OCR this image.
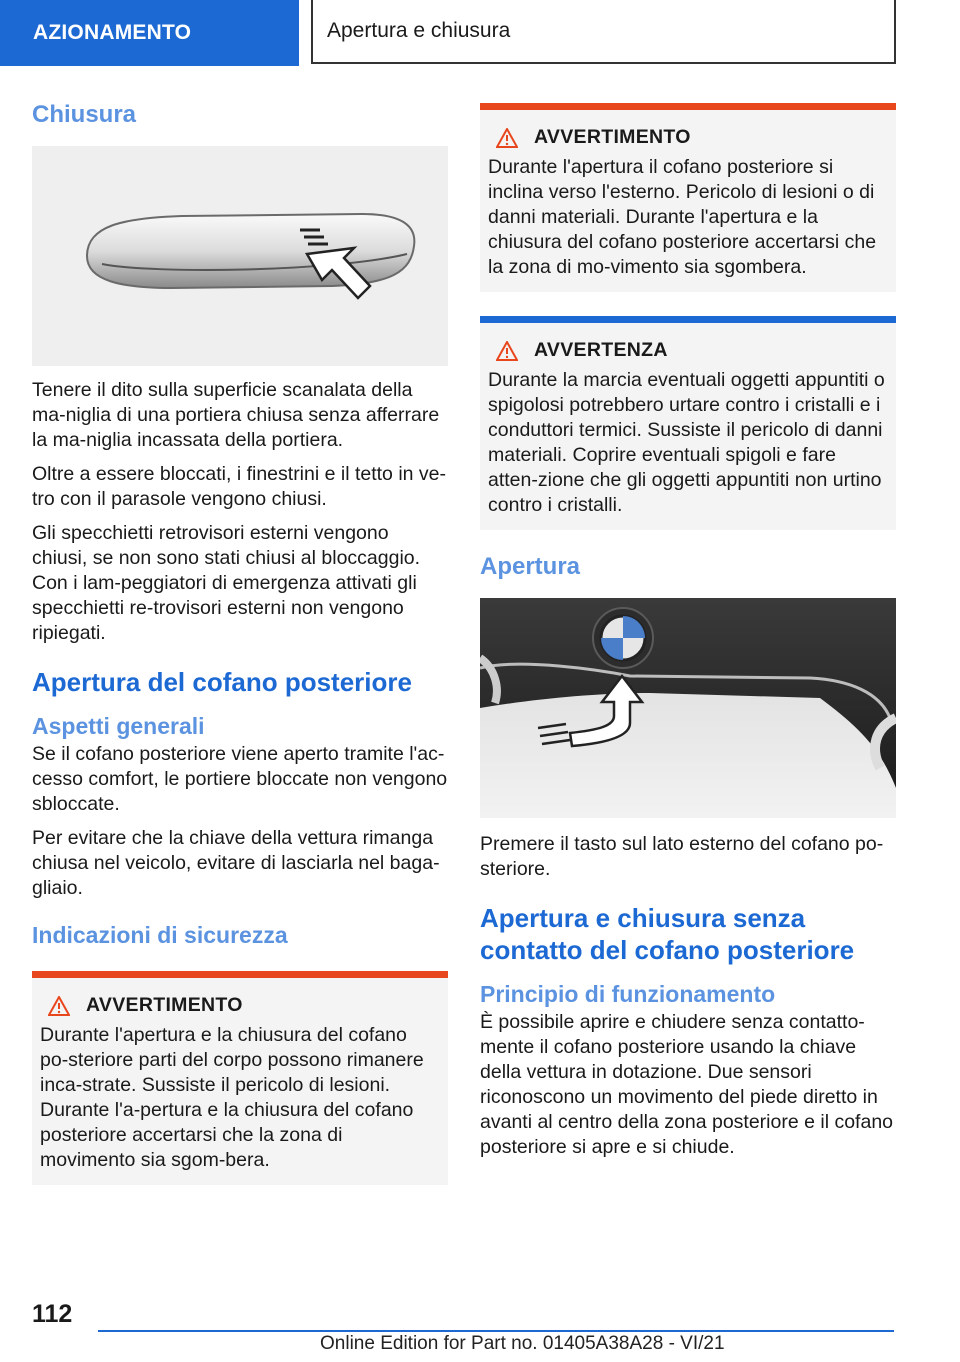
AZIONAMENTO	Apertura e chiusura
Chiusura

Tenere il dito sulla superficie scanalata della ma-niglia di una portiera chiusa senza afferrare la ma-niglia incassata della portiera.

Oltre a essere bloccati, i finestrini e il tetto in ve-tro con il parasole vengono chiusi.

Gli specchietti retrovisori esterni vengono chiusi, se non sono stati chiusi al bloccaggio. Con i lam-peggiatori di emergenza attivati gli specchietti re-trovisori esterni non vengono ripiegati.

Apertura del cofano posteriore
Aspetti generali

Se il cofano posteriore viene aperto tramite l'ac-cesso comfort, le portiere bloccate non vengono sbloccate.

Per evitare che la chiave della vettura rimanga chiusa nel veicolo, evitare di lasciarla nel baga-gliaio.

Indicazioni di sicurezza
AVVERTIMENTO

Durante l'apertura e la chiusura del cofano po-steriore parti del corpo possono rimanere inca-strate. Sussiste il pericolo di lesioni. Durante l'a-pertura e la chiusura del cofano posteriore accertarsi che la zona di movimento sia sgom-bera.

AVVERTIMENTO

Durante l'apertura il cofano posteriore si inclina verso l'esterno. Pericolo di lesioni o di danni materiali. Durante l'apertura e la chiusura del cofano posteriore accertarsi che la zona di mo-vimento sia sgombera.

AVVERTENZA

Durante la marcia eventuali oggetti appuntiti o spigolosi potrebbero urtare contro i cristalli e i conduttori termici. Sussiste il pericolo di danni materiali. Coprire eventuali spigoli e fare atten-zione che gli oggetti appuntiti non urtino contro i cristalli.

Apertura

Premere il tasto sul lato esterno del cofano po-steriore.

Apertura e chiusura senza contatto del cofano posteriore
Principio di funzionamento

È possibile aprire e chiudere senza contatto-mente il cofano posteriore usando la chiave della vettura in dotazione. Due sensori riconoscono un movimento del piede diretto in avanti al centro della zona posteriore e il cofano posteriore si apre e si chiude.

112
Online Edition for Part no. 01405A38A28 - VI/21
